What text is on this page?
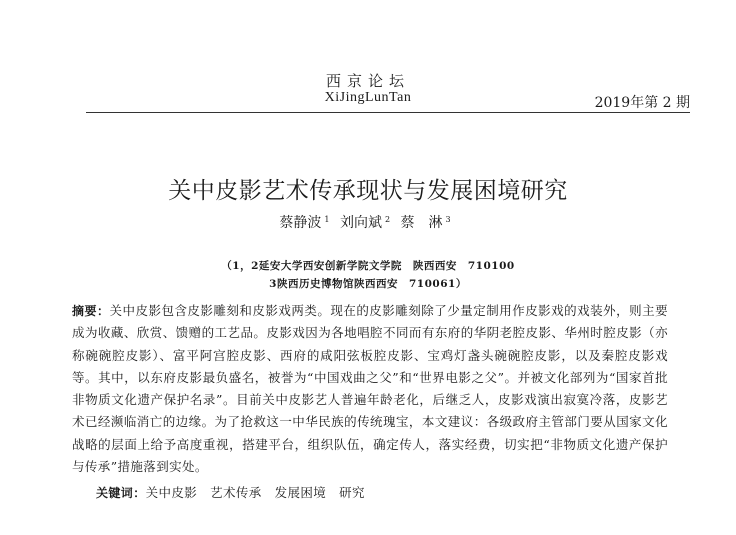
西京论坛
XiJingLunTan	2019年第 2 期
关中皮影艺术传承现状与发展困境研究
蔡静波 $^1$ 刘向斌 $^2$ 蔡　淋 $^3$
（1，2延安大学西安创新学院文学院　陕西西安　710100
3陕西历史博物馆陕西西安　710061）

摘要：关中皮影包含皮影雕刻和皮影戏两类。现在的皮影雕刻除了少量定制用作皮影戏的戏装外，则主要成为收藏、欣赏、馈赠的工艺品。皮影戏因为各地唱腔不同而有东府的华阴老腔皮影、华州时腔皮影（亦称碗碗腔皮影）、富平阿宫腔皮影、西府的咸阳弦板腔皮影、宝鸡灯盏头碗碗腔皮影，以及秦腔皮影戏等。其中，以东府皮影最负盛名，被誉为“中国戏曲之父”和“世界电影之父”。并被文化部列为“国家首批非物质文化遗产保护名录”。目前关中皮影艺人普遍年龄老化，后继乏人，皮影戏演出寂寞冷落，皮影艺术已经濒临消亡的边缘。为了抢救这一中华民族的传统瑰宝，本文建议：各级政府主管部门要从国家文化战略的层面上给予高度重视，搭建平台，组织队伍，确定传人，落实经费，切实把“非物质文化遗产保护与传承”措施落到实处。

关键词：关中皮影　艺术传承　发展困境　研究
